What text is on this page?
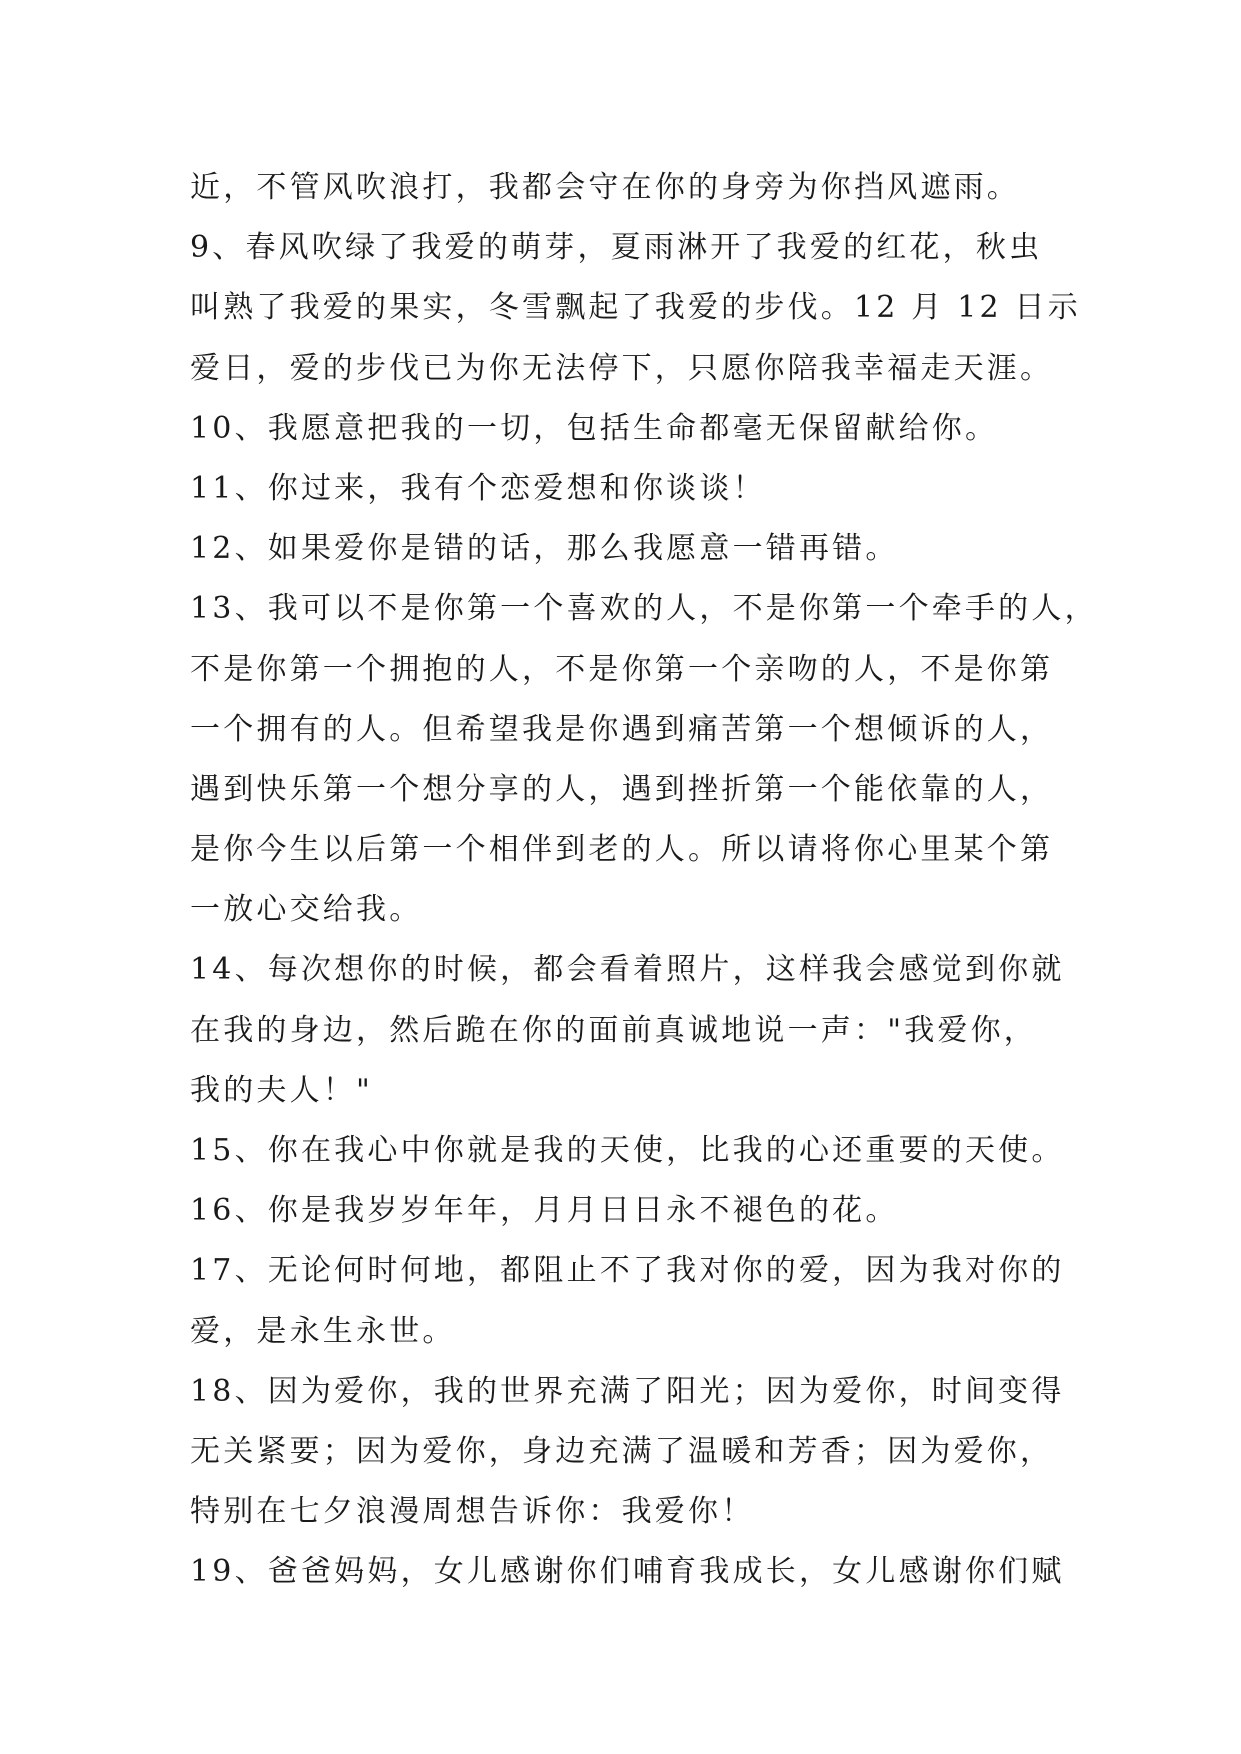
近，不管风吹浪打，我都会守在你的身旁为你挡风遮雨。
9、春风吹绿了我爱的萌芽，夏雨淋开了我爱的红花，秋虫
叫熟了我爱的果实，冬雪飘起了我爱的步伐。12 月 12 日示
爱日，爱的步伐已为你无法停下，只愿你陪我幸福走天涯。
10、我愿意把我的一切，包括生命都毫无保留献给你。
11、你过来，我有个恋爱想和你谈谈！
12、如果爱你是错的话，那么我愿意一错再错。
13、我可以不是你第一个喜欢的人，不是你第一个牵手的人，
不是你第一个拥抱的人，不是你第一个亲吻的人，不是你第
一个拥有的人。但希望我是你遇到痛苦第一个想倾诉的人，
遇到快乐第一个想分享的人，遇到挫折第一个能依靠的人，
是你今生以后第一个相伴到老的人。所以请将你心里某个第
一放心交给我。
14、每次想你的时候，都会看着照片，这样我会感觉到你就
在我的身边，然后跪在你的面前真诚地说一声："我爱你，
我的夫人！"
15、你在我心中你就是我的天使，比我的心还重要的天使。
16、你是我岁岁年年，月月日日永不褪色的花。
17、无论何时何地，都阻止不了我对你的爱，因为我对你的
爱，是永生永世。
18、因为爱你，我的世界充满了阳光；因为爱你，时间变得
无关紧要；因为爱你，身边充满了温暖和芳香；因为爱你，
特别在七夕浪漫周想告诉你：我爱你！
19、爸爸妈妈，女儿感谢你们哺育我成长，女儿感谢你们赋
